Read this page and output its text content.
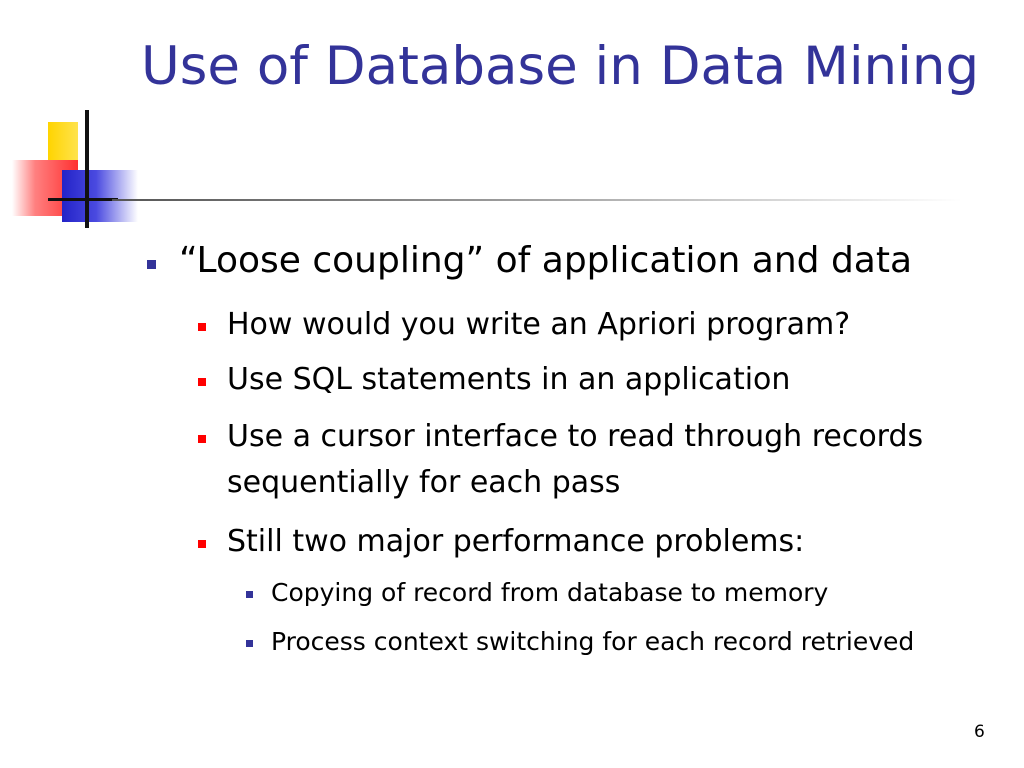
Use of Database in Data Mining
“Loose coupling” of application and data
How would you write an Apriori program?
Use SQL statements in an application
Use a cursor interface to read through records sequentially for each pass
Still two major performance problems:
Copying of record from database to memory
Process context switching for each record retrieved
6
